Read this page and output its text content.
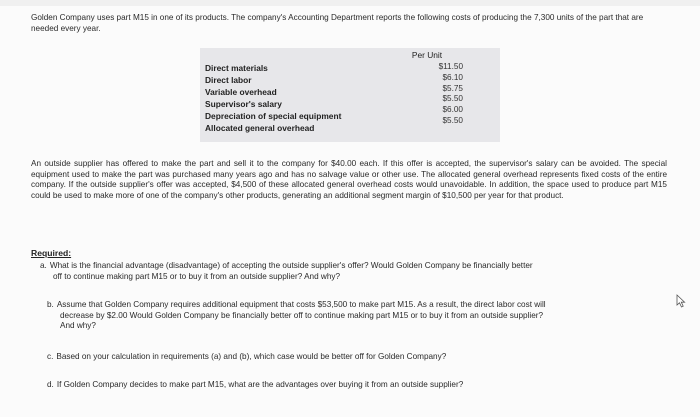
Golden Company uses part M15 in one of its products. The company's Accounting Department reports the following costs of producing the 7,300 units of the part that are needed every year.
Per Unit
Direct materials
Direct labor
Variable overhead
Supervisor's salary
Depreciation of special equipment
Allocated general overhead
$11.50
$6.10
$5.75
$5.50
$6.00
$5.50
An outside supplier has offered to make the part and sell it to the company for $40.00 each. If this offer is accepted, the supervisor's salary can be avoided. The special equipment used to make the part was purchased many years ago and has no salvage value or other use. The allocated general overhead represents fixed costs of the entire company. If the outside supplier's offer was accepted, $4,500 of these allocated general overhead costs would unavoidable. In addition, the space used to produce part M15 could be used to make more of one of the company's other products, generating an additional segment margin of $10,500 per year for that product.
Required:
a. What is the financial advantage (disadvantage) of accepting the outside supplier's offer? Would Golden Company be financially better
off to continue making part M15 or to buy it from an outside supplier? And why?
b. Assume that Golden Company requires additional equipment that costs $53,500 to make part M15. As a result, the direct labor cost will
decrease by $2.00 Would Golden Company be financially better off to continue making part M15 or to buy it from an outside supplier?
And why?
c. Based on your calculation in requirements (a) and (b), which case would be better off for Golden Company?
d. If Golden Company decides to make part M15, what are the advantages over buying it from an outside supplier?
